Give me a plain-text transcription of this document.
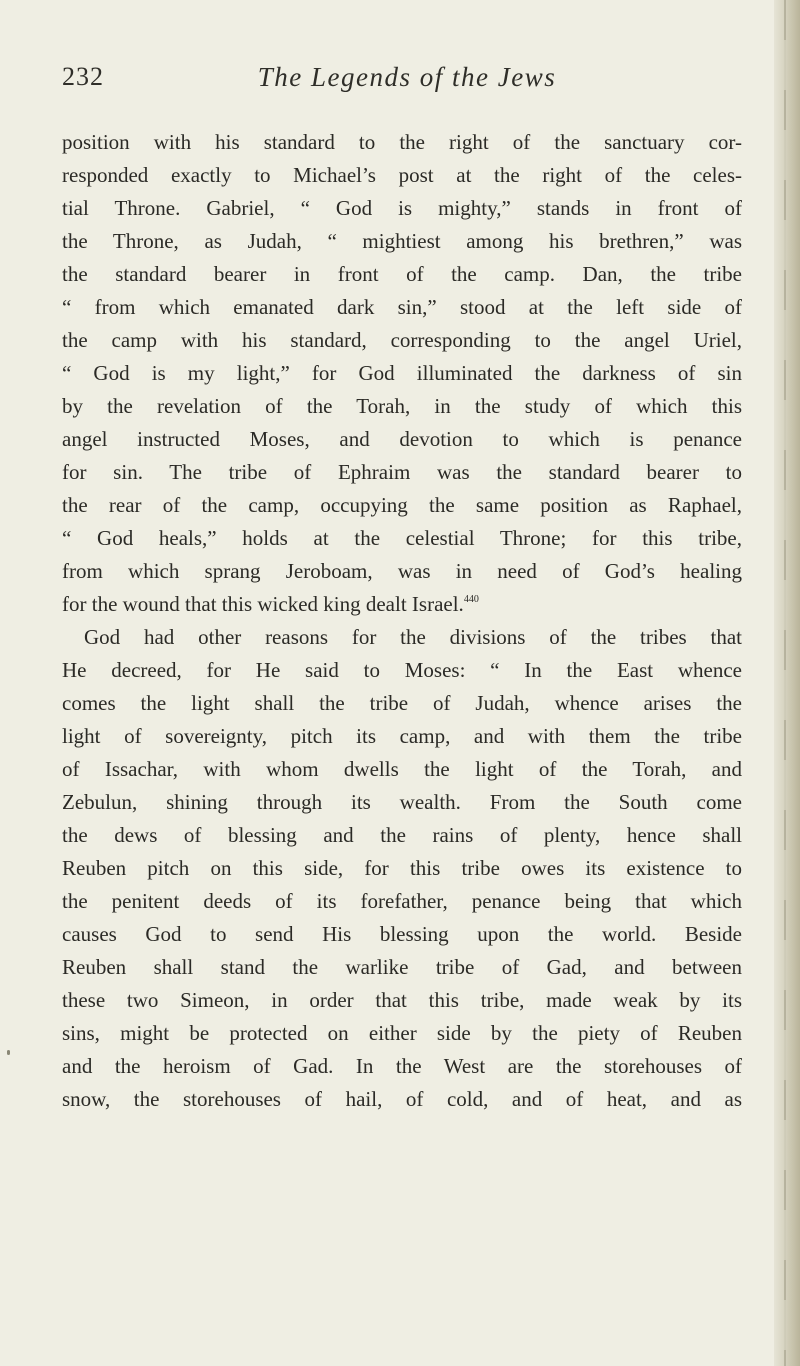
232	The Legends of the Jews
position with his standard to the right of the sanctuary cor-
responded exactly to Michael’s post at the right of the celes-
tial Throne. Gabriel, “ God is mighty,” stands in front of
the Throne, as Judah, “ mightiest among his brethren,” was
the standard bearer in front of the camp. Dan, the tribe
“ from which emanated dark sin,” stood at the left side of
the camp with his standard, corresponding to the angel Uriel,
“ God is my light,” for God illuminated the darkness of sin
by the revelation of the Torah, in the study of which this
angel instructed Moses, and devotion to which is penance
for sin. The tribe of Ephraim was the standard bearer to
the rear of the camp, occupying the same position as Raphael,
“ God heals,” holds at the celestial Throne; for this tribe,
from which sprang Jeroboam, was in need of God’s healing
for the wound that this wicked king dealt Israel.$^{440}$
God had other reasons for the divisions of the tribes that
He decreed, for He said to Moses: “ In the East whence
comes the light shall the tribe of Judah, whence arises the
light of sovereignty, pitch its camp, and with them the tribe
of Issachar, with whom dwells the light of the Torah, and
Zebulun, shining through its wealth. From the South come
the dews of blessing and the rains of plenty, hence shall
Reuben pitch on this side, for this tribe owes its existence to
the penitent deeds of its forefather, penance being that which
causes God to send His blessing upon the world. Beside
Reuben shall stand the warlike tribe of Gad, and between
these two Simeon, in order that this tribe, made weak by its
sins, might be protected on either side by the piety of Reuben
and the heroism of Gad. In the West are the storehouses of
snow, the storehouses of hail, of cold, and of heat, and as
